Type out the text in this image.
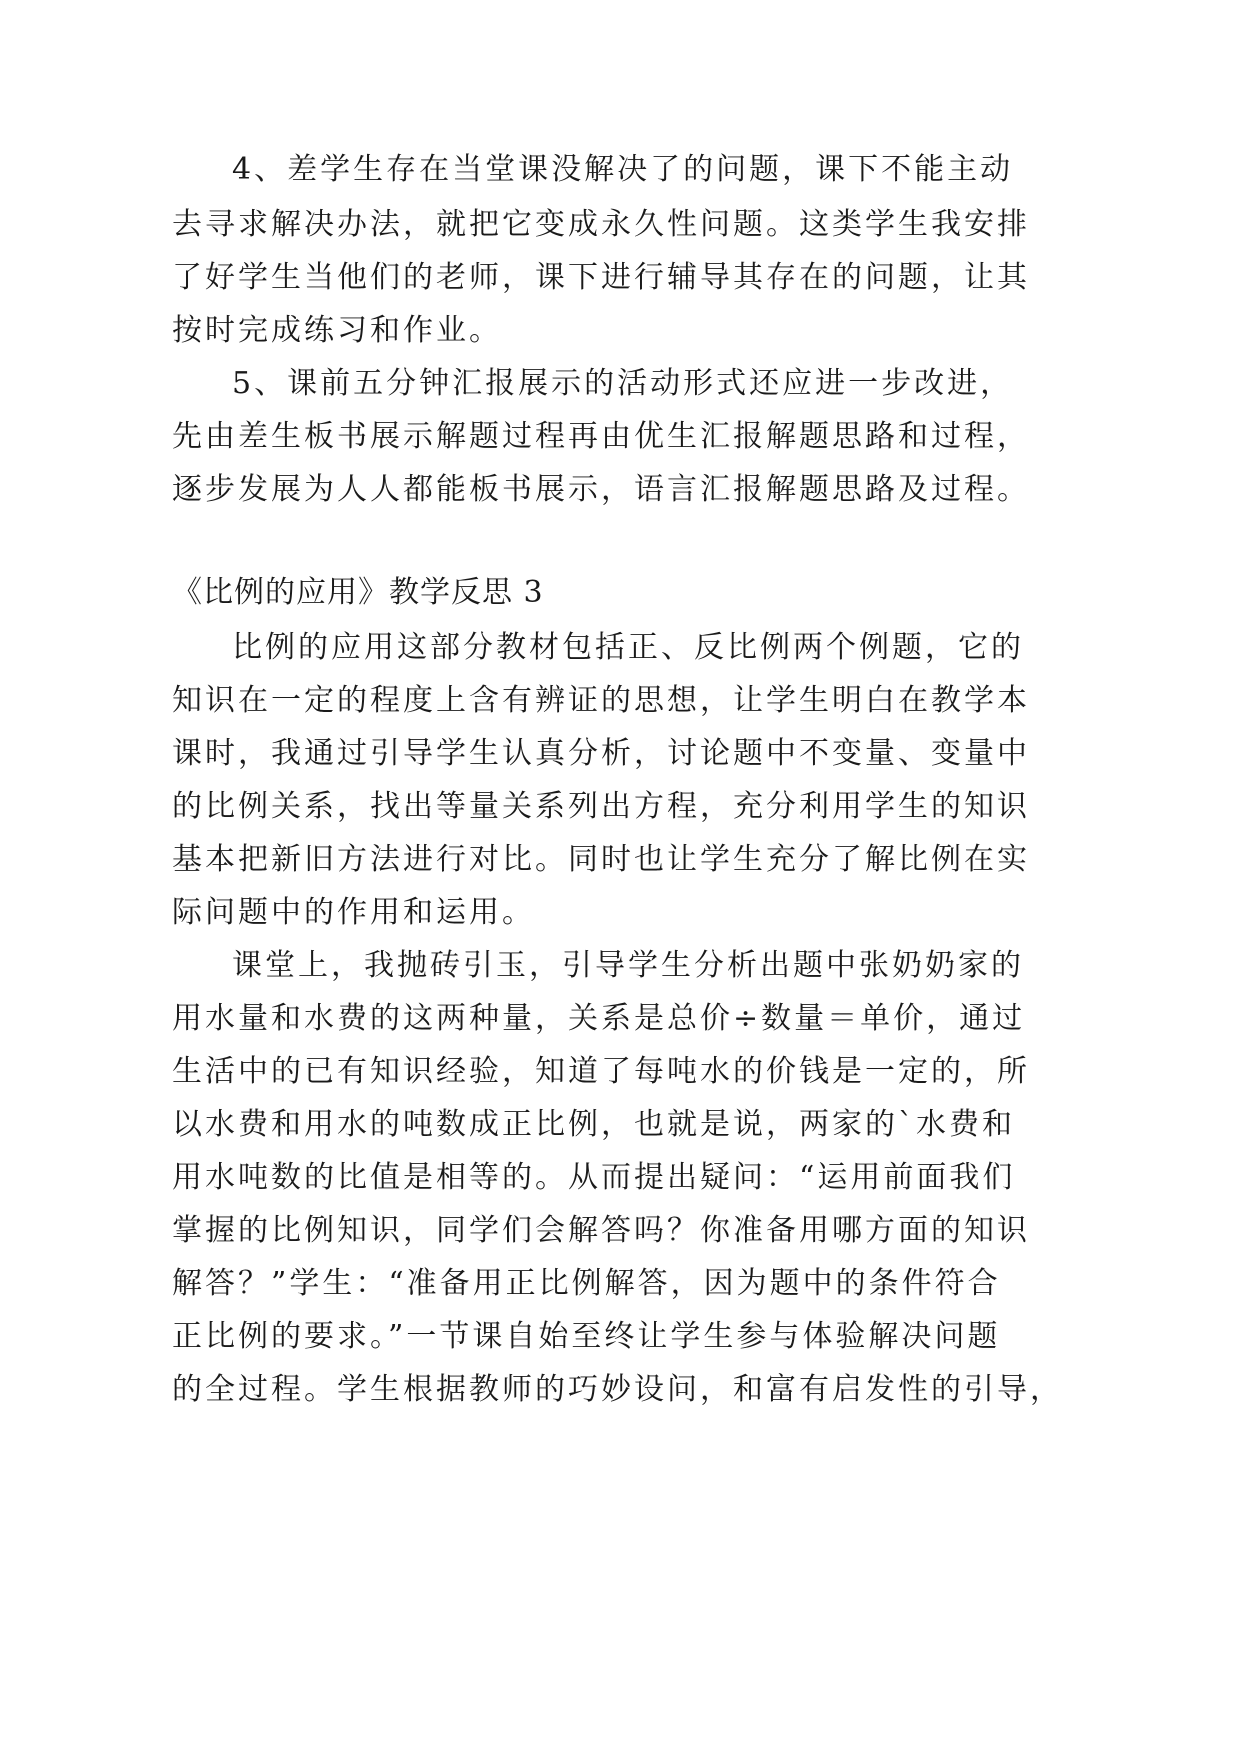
4、差学生存在当堂课没解决了的问题，课下不能主动
去寻求解决办法，就把它变成永久性问题。这类学生我安排
了好学生当他们的老师，课下进行辅导其存在的问题，让其
按时完成练习和作业。
5、课前五分钟汇报展示的活动形式还应进一步改进，
先由差生板书展示解题过程再由优生汇报解题思路和过程，
逐步发展为人人都能板书展示，语言汇报解题思路及过程。
《比例的应用》教学反思 3
比例的应用这部分教材包括正、反比例两个例题，它的
知识在一定的程度上含有辨证的思想，让学生明白在教学本
课时，我通过引导学生认真分析，讨论题中不变量、变量中
的比例关系，找出等量关系列出方程，充分利用学生的知识
基本把新旧方法进行对比。同时也让学生充分了解比例在实
际问题中的作用和运用。
课堂上，我抛砖引玉，引导学生分析出题中张奶奶家的
用水量和水费的这两种量，关系是总价÷数量＝单价，通过
生活中的已有知识经验，知道了每吨水的价钱是一定的，所
以水费和用水的吨数成正比例，也就是说，两家的`水费和
用水吨数的比值是相等的。从而提出疑问：“运用前面我们
掌握的比例知识，同学们会解答吗？你准备用哪方面的知识
解答？”学生：“准备用正比例解答，因为题中的条件符合
正比例的要求。”一节课自始至终让学生参与体验解决问题
的全过程。学生根据教师的巧妙设问，和富有启发性的引导，
